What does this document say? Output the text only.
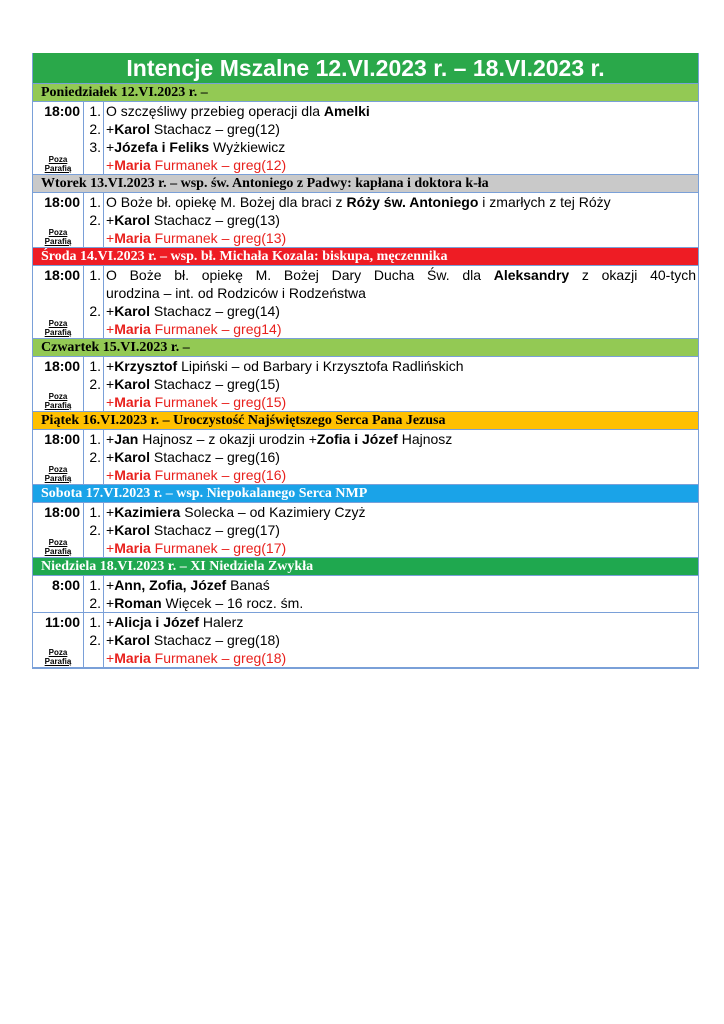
Intencje Mszalne 12.VI.2023 r. – 18.VI.2023 r.
Poniedziałek 12.VI.2023 r. –
18:00
Poza
Parafią
1.
2.
3.
O szczęśliwy przebieg operacji dla Amelki
+Karol Stachacz – greg(12)
+Józefa i Feliks Wyżkiewicz
+Maria Furmanek – greg(12)
Wtorek 13.VI.2023 r. – wsp. św. Antoniego z Padwy: kapłana i doktora k-ła
18:00
Poza
Parafią
1.
2.
O Boże bł. opiekę M. Bożej dla braci z Róży św. Antoniego i zmarłych z tej Róży
+Karol Stachacz – greg(13)
+Maria Furmanek – greg(13)
Środa 14.VI.2023 r. – wsp. bł. Michała Kozala: biskupa, męczennika
18:00
Poza
Parafią
1.
2.
O Boże bł. opiekę M. Bożej Dary Ducha Św. dla Aleksandry z okazji 40-tych
urodzina – int. od Rodziców i Rodzeństwa
+Karol Stachacz – greg(14)
+Maria Furmanek – greg14)
Czwartek 15.VI.2023 r. –
18:00
Poza
Parafią
1.
2.
+Krzysztof Lipiński – od Barbary i Krzysztofa Radlińskich
+Karol Stachacz – greg(15)
+Maria Furmanek – greg(15)
Piątek 16.VI.2023 r. – Uroczystość Najświętszego Serca Pana Jezusa
18:00
Poza
Parafią
1.
2.
+Jan Hajnosz – z okazji urodzin +Zofia i Józef Hajnosz
+Karol Stachacz – greg(16)
+Maria Furmanek – greg(16)
Sobota 17.VI.2023 r. – wsp. Niepokalanego Serca NMP
18:00
Poza
Parafią
1.
2.
+Kazimiera Solecka – od Kazimiery Czyż
+Karol Stachacz – greg(17)
+Maria Furmanek – greg(17)
Niedziela 18.VI.2023 r. – XI Niedziela Zwykła
8:00 1.
2.
+Ann, Zofia, Józef Banaś
+Roman Więcek – 16 rocz. śm.
11:00
Poza
Parafią
1.
2.
+Alicja i Józef Halerz
+Karol Stachacz – greg(18)
+Maria Furmanek – greg(18)
